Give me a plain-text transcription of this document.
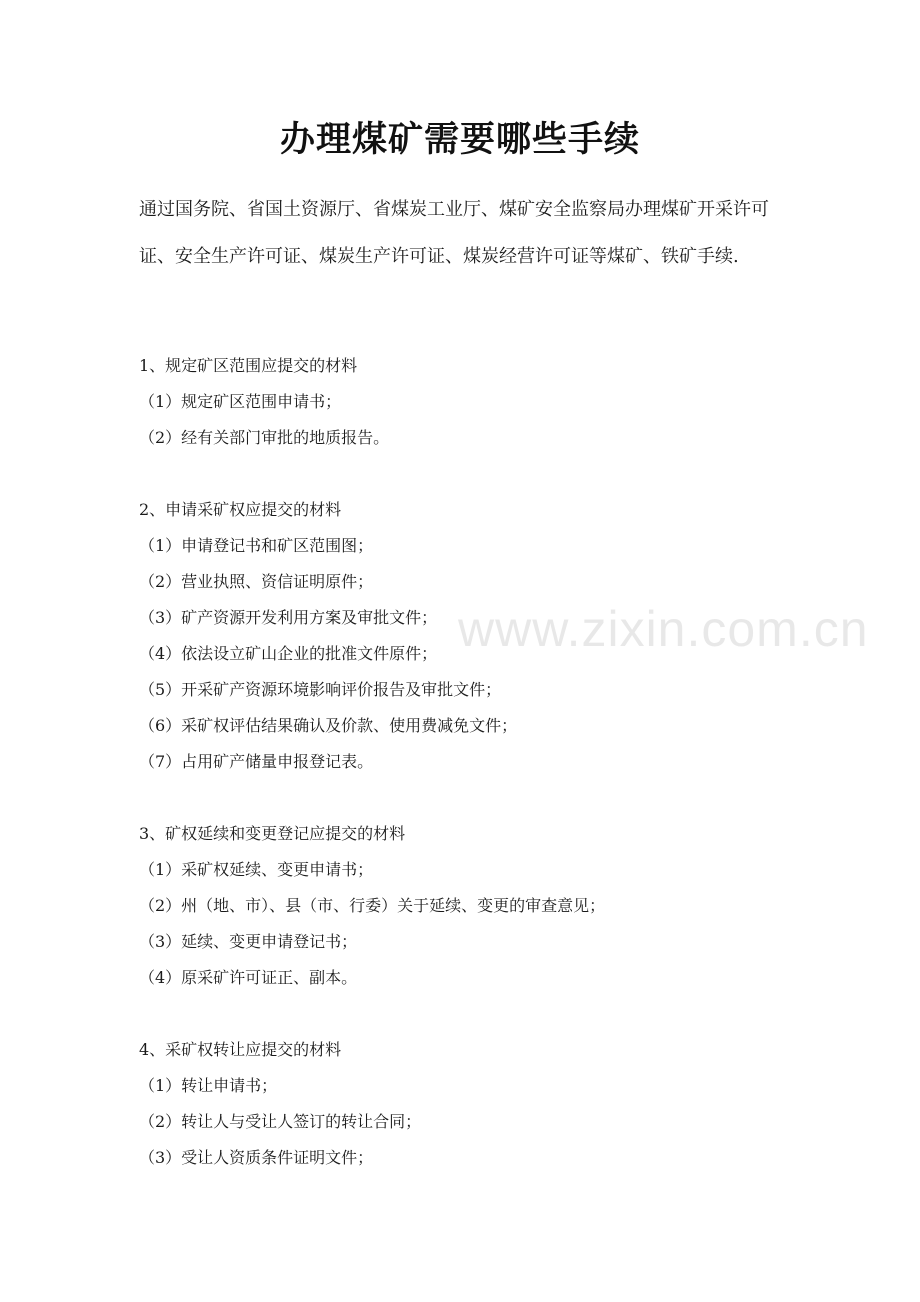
办理煤矿需要哪些手续

通过国务院、省国土资源厅、省煤炭工业厅、煤矿安全监察局办理煤矿开采许可证、安全生产许可证、煤炭生产许可证、煤炭经营许可证等煤矿、铁矿手续.

1、规定矿区范围应提交的材料
（1）规定矿区范围申请书；
（2）经有关部门审批的地质报告。
2、申请采矿权应提交的材料
（1）申请登记书和矿区范围图；
（2）营业执照、资信证明原件；
（3）矿产资源开发利用方案及审批文件；
（4）依法设立矿山企业的批准文件原件；
（5）开采矿产资源环境影响评价报告及审批文件；
（6）采矿权评估结果确认及价款、使用费减免文件；
（7）占用矿产储量申报登记表。
3、矿权延续和变更登记应提交的材料
（1）采矿权延续、变更申请书；
（2）州（地、市）、县（市、行委）关于延续、变更的审查意见；
（3）延续、变更申请登记书；
（4）原采矿许可证正、副本。
4、采矿权转让应提交的材料
（1）转让申请书；
（2）转让人与受让人签订的转让合同；
（3）受让人资质条件证明文件；
www.zixin.com.cn
